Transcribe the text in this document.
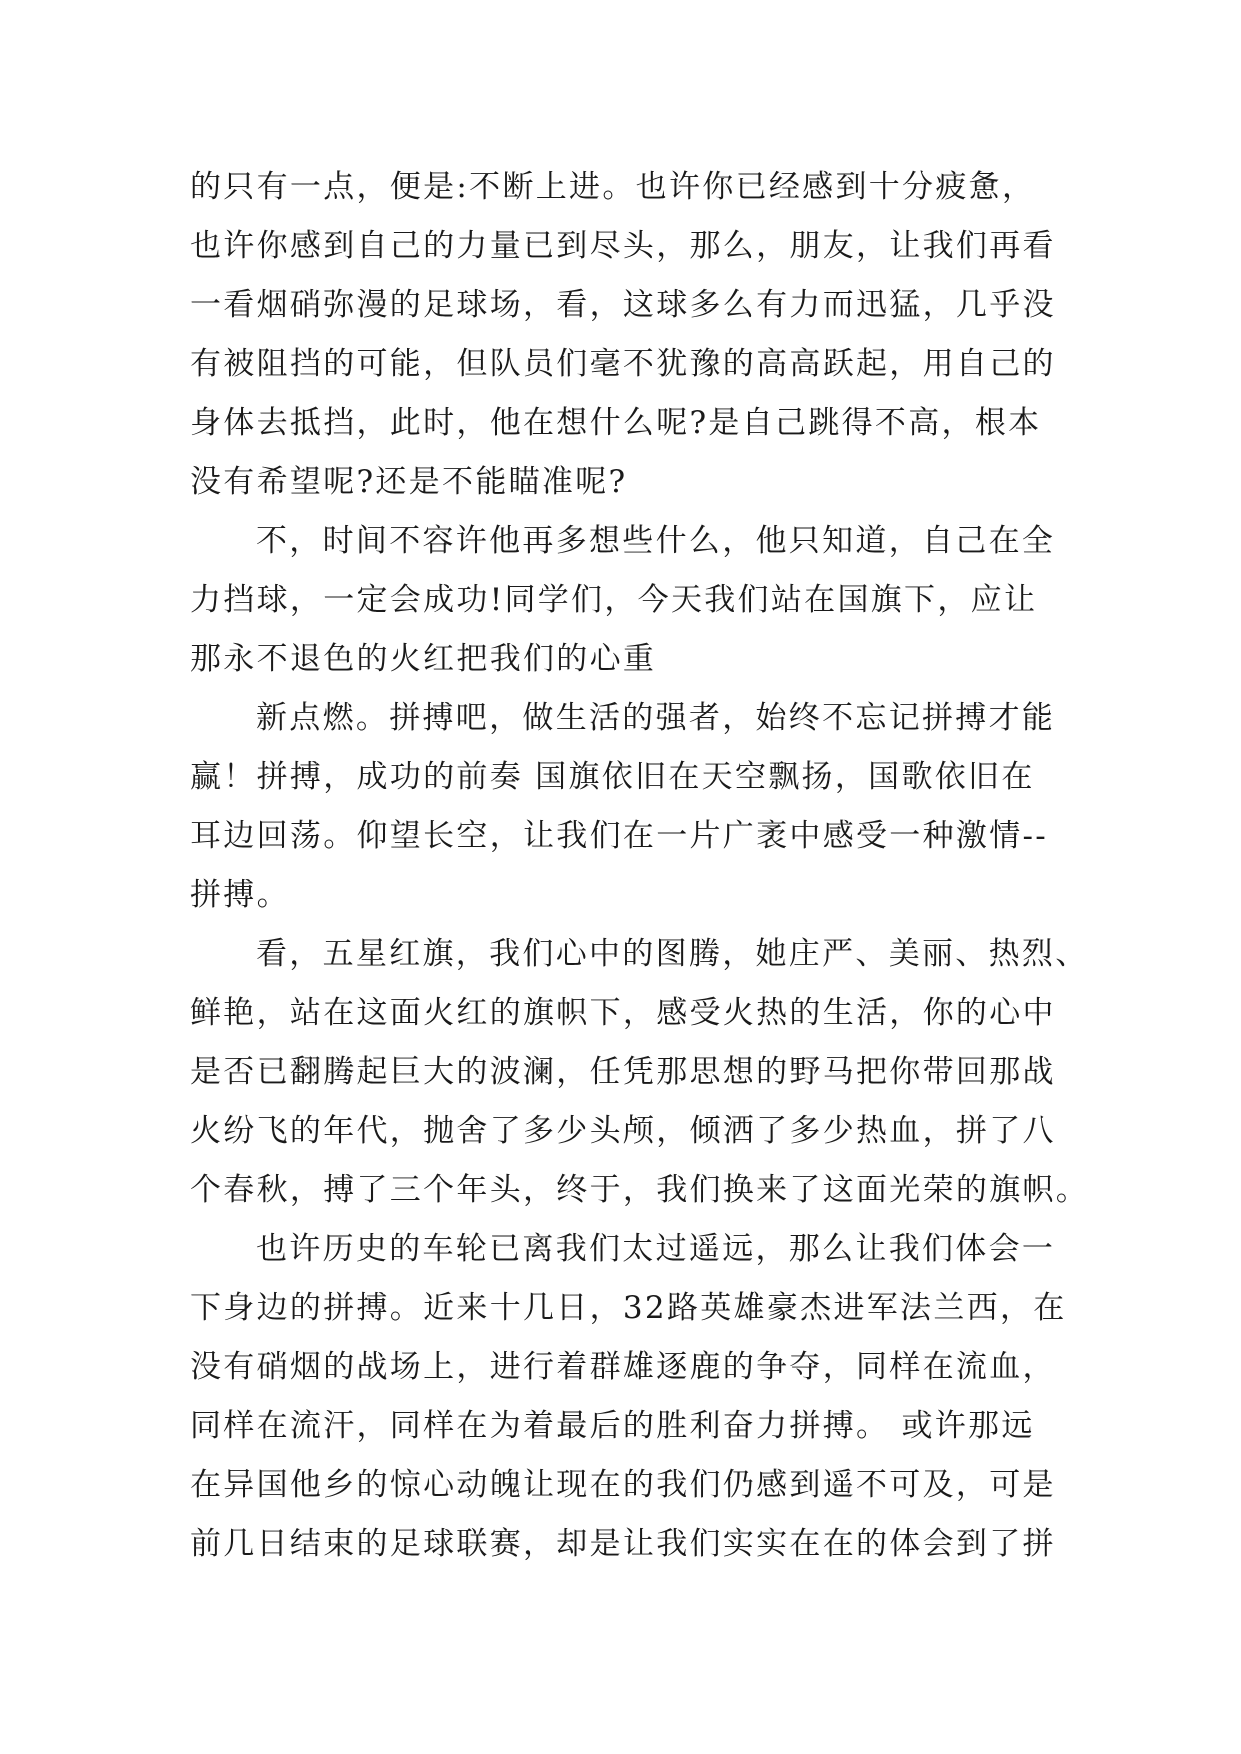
的只有一点，便是:不断上进。也许你已经感到十分疲惫，
也许你感到自己的力量已到尽头，那么，朋友，让我们再看
一看烟硝弥漫的足球场，看，这球多么有力而迅猛，几乎没
有被阻挡的可能，但队员们毫不犹豫的高高跃起，用自己的
身体去抵挡，此时，他在想什么呢?是自己跳得不高，根本
没有希望呢?还是不能瞄准呢?
不，时间不容许他再多想些什么，他只知道，自己在全
力挡球，一定会成功!同学们，今天我们站在国旗下，应让
那永不退色的火红把我们的心重
新点燃。拼搏吧，做生活的强者，始终不忘记拼搏才能
赢！拼搏，成功的前奏 国旗依旧在天空飘扬，国歌依旧在
耳边回荡。仰望长空，让我们在一片广袤中感受一种激情--
拼搏。
看，五星红旗，我们心中的图腾，她庄严、美丽、热烈、
鲜艳，站在这面火红的旗帜下，感受火热的生活，你的心中
是否已翻腾起巨大的波澜，任凭那思想的野马把你带回那战
火纷飞的年代，抛舍了多少头颅，倾洒了多少热血，拼了八
个春秋，搏了三个年头，终于，我们换来了这面光荣的旗帜。
也许历史的车轮已离我们太过遥远，那么让我们体会一
下身边的拼搏。近来十几日，32路英雄豪杰进军法兰西，在
没有硝烟的战场上，进行着群雄逐鹿的争夺，同样在流血，
同样在流汗，同样在为着最后的胜利奋力拼搏。 或许那远
在异国他乡的惊心动魄让现在的我们仍感到遥不可及，可是
前几日结束的足球联赛，却是让我们实实在在的体会到了拼
